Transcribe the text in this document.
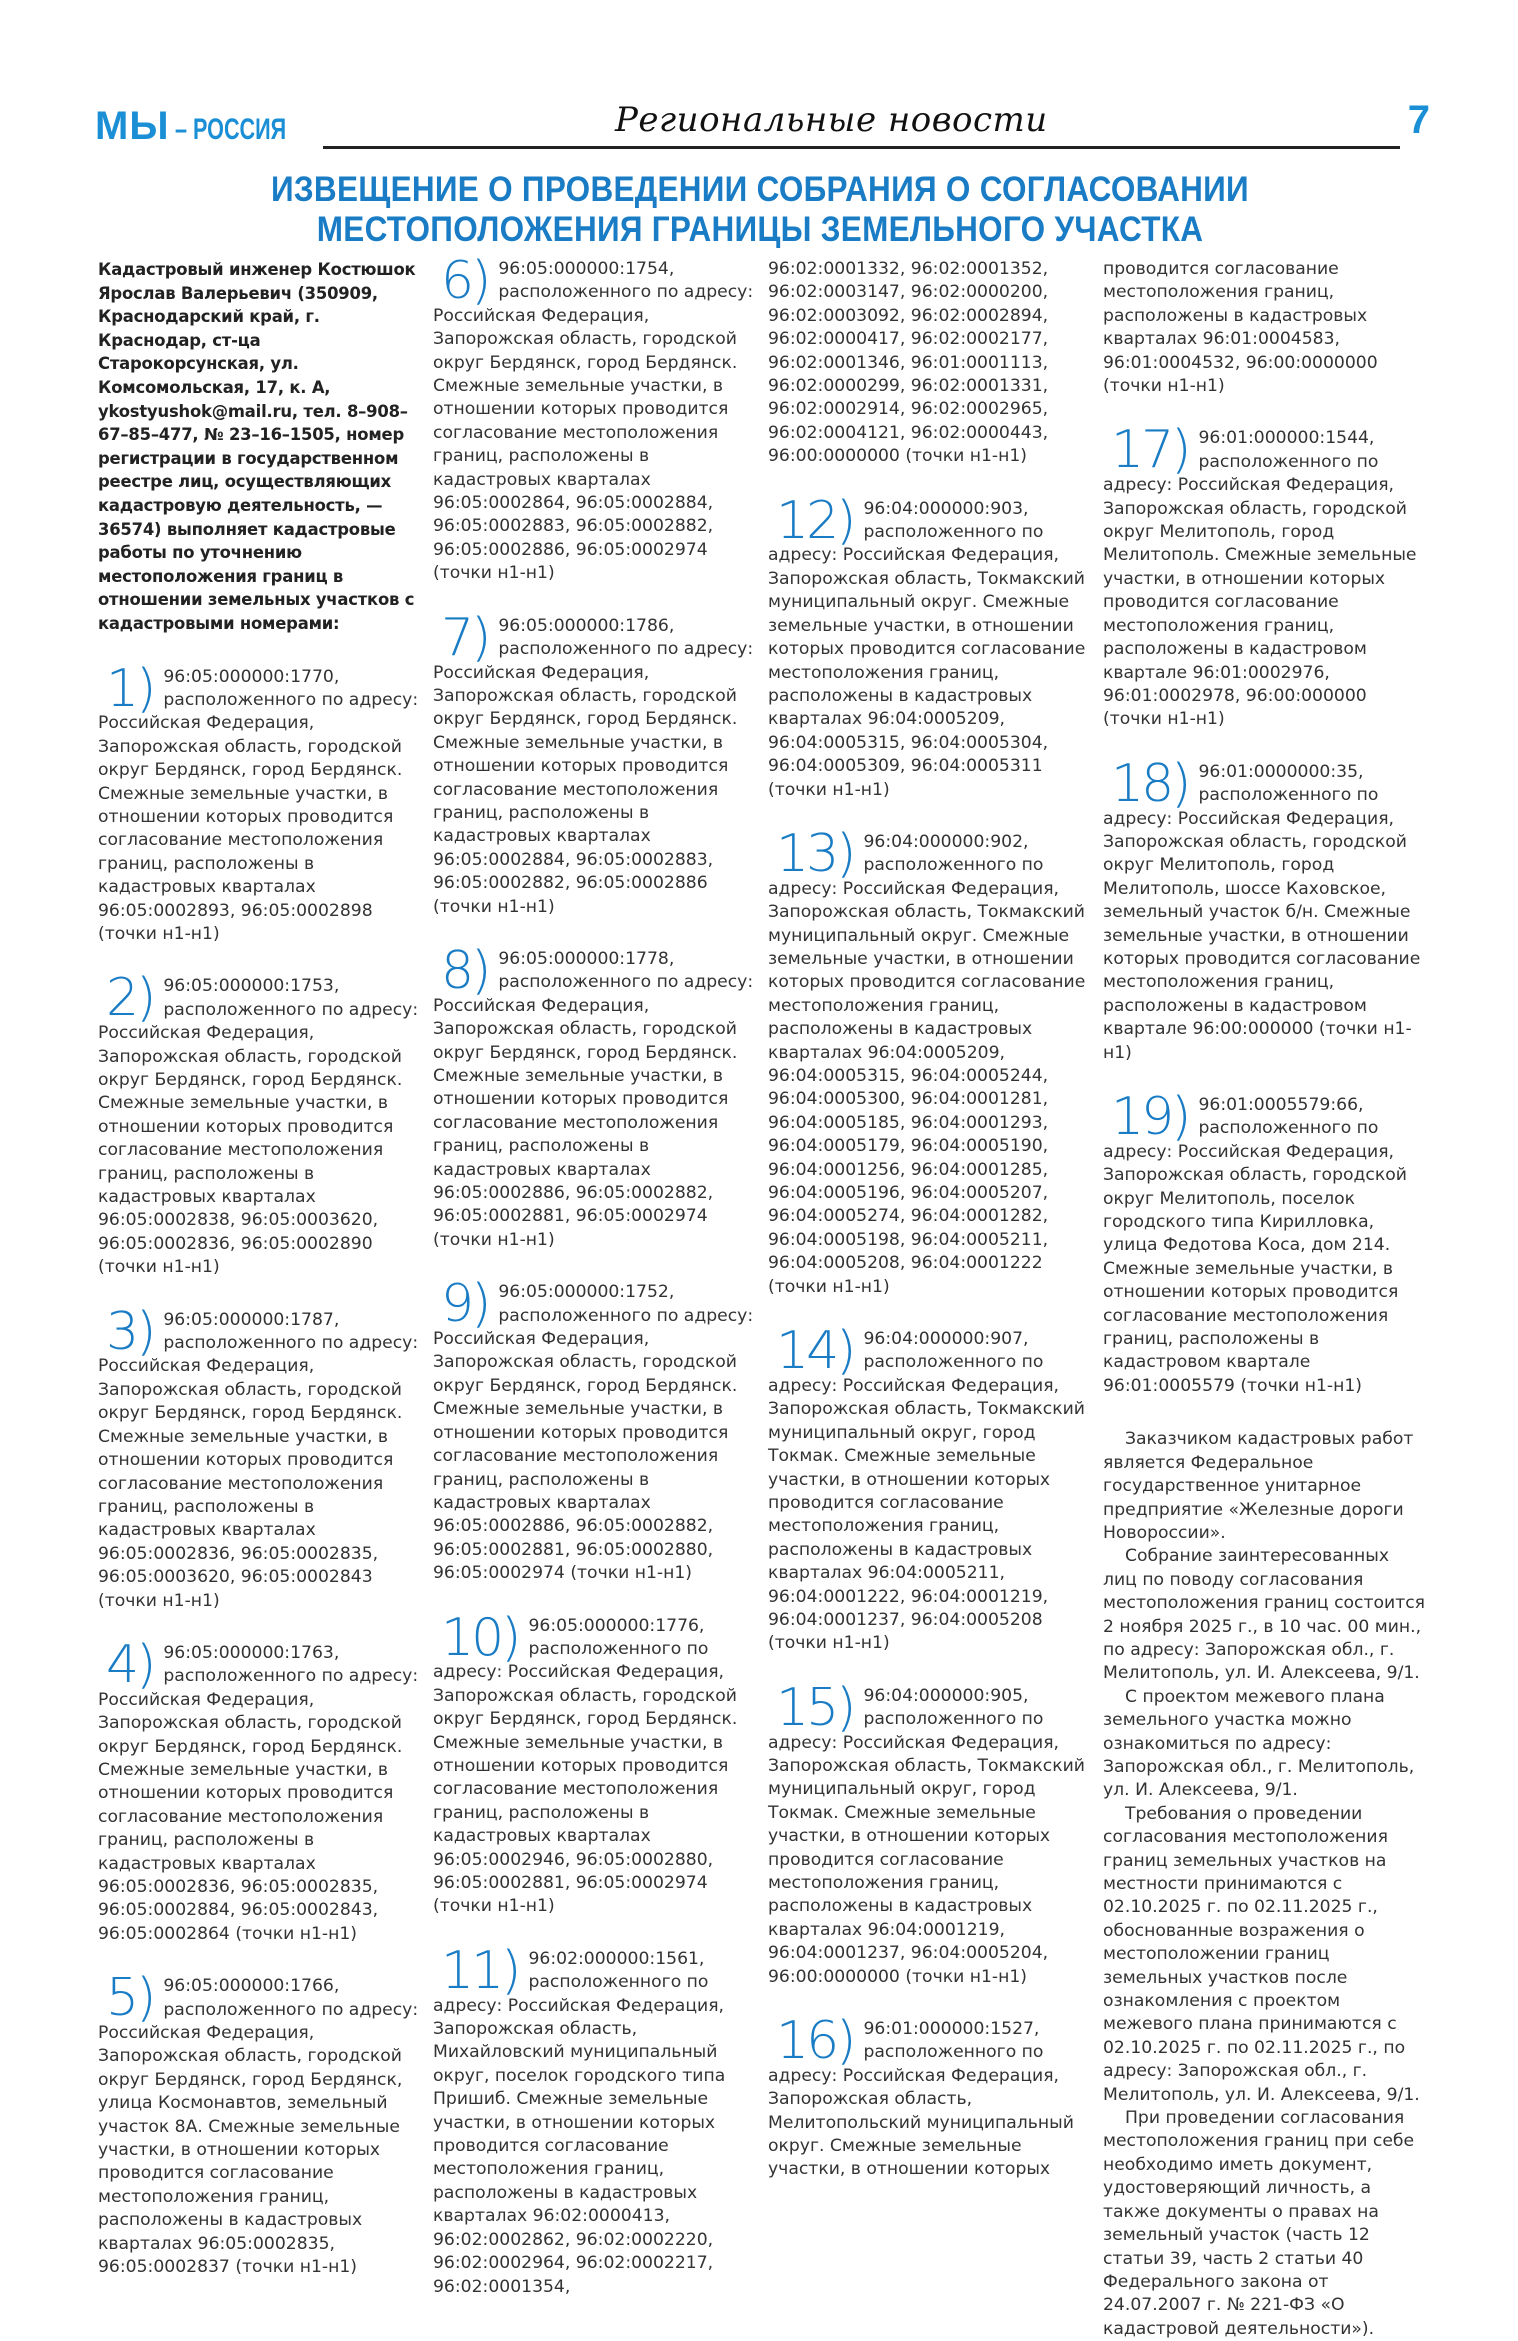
МЫ – РОССИЯ	Региональные новости	7
ИЗВЕЩЕНИЕ О ПРОВЕДЕНИИ СОБРАНИЯ О СОГЛАСОВАНИИ
МЕСТОПОЛОЖЕНИЯ ГРАНИЦЫ ЗЕМЕЛЬНОГО УЧАСТКА

Кадастровый инженер Костюшок Ярослав Валерьевич (350909, Краснодарский край, г. Краснодар, ст-ца Старокорсунская, ул. Комсомольская, 17, к. А, ykostyushok@mail.ru, тел. 8–908–67–85–477, № 23–16–1505, номер регистрации в государственном реестре лиц, осуществляющих кадастровую деятельность, — 36574) выполняет кадастровые работы по уточнению местоположения границ в отношении земельных участков с кадастровыми номерами:

1) 96:05:000000:1770, расположенного по адресу: Российская Федерация, Запорожская область, городской округ Бердянск, город Бердянск. Смежные земельные участки, в отношении которых проводится согласование местоположения границ, расположены в кадастровых кварталах 96:05:0002893, 96:05:0002898 (точки н1-н1)
2) 96:05:000000:1753, расположенного по адресу: Российская Федерация, Запорожская область, городской округ Бердянск, город Бердянск. Смежные земельные участки, в отношении которых проводится согласование местоположения границ, расположены в кадастровых кварталах 96:05:0002838, 96:05:0003620, 96:05:0002836, 96:05:0002890 (точки н1-н1)
3) 96:05:000000:1787, расположенного по адресу: Российская Федерация, Запорожская область, городской округ Бердянск, город Бердянск. Смежные земельные участки, в отношении которых проводится согласование местоположения границ, расположены в кадастровых кварталах 96:05:0002836, 96:05:0002835, 96:05:0003620, 96:05:0002843 (точки н1-н1)
4) 96:05:000000:1763, расположенного по адресу: Российская Федерация, Запорожская область, городской округ Бердянск, город Бердянск. Смежные земельные участки, в отношении которых проводится согласование местоположения границ, расположены в кадастровых кварталах 96:05:0002836, 96:05:0002835, 96:05:0002884, 96:05:0002843, 96:05:0002864 (точки н1-н1)
5) 96:05:000000:1766, расположенного по адресу: Российская Федерация, Запорожская область, городской округ Бердянск, город Бердянск, улица Космонавтов, земельный участок 8А. Смежные земельные участки, в отношении которых проводится согласование местоположения границ, расположены в кадастровых кварталах 96:05:0002835, 96:05:0002837 (точки н1-н1)
6) 96:05:000000:1754, расположенного по адресу: Российская Федерация, Запорожская область, городской округ Бердянск, город Бердянск. Смежные земельные участки, в отношении которых проводится согласование местоположения границ, расположены в кадастровых кварталах 96:05:0002864, 96:05:0002884, 96:05:0002883, 96:05:0002882, 96:05:0002886, 96:05:0002974 (точки н1-н1)
7) 96:05:000000:1786, расположенного по адресу: Российская Федерация, Запорожская область, городской округ Бердянск, город Бердянск. Смежные земельные участки, в отношении которых проводится согласование местоположения границ, расположены в кадастровых кварталах 96:05:0002884, 96:05:0002883, 96:05:0002882, 96:05:0002886 (точки н1-н1)
8) 96:05:000000:1778, расположенного по адресу: Российская Федерация, Запорожская область, городской округ Бердянск, город Бердянск. Смежные земельные участки, в отношении которых проводится согласование местоположения границ, расположены в кадастровых кварталах 96:05:0002886, 96:05:0002882, 96:05:0002881, 96:05:0002974 (точки н1-н1)
9) 96:05:000000:1752, расположенного по адресу: Российская Федерация, Запорожская область, городской округ Бердянск, город Бердянск. Смежные земельные участки, в отношении которых проводится согласование местоположения границ, расположены в кадастровых кварталах 96:05:0002886, 96:05:0002882, 96:05:0002881, 96:05:0002880, 96:05:0002974 (точки н1-н1)
10) 96:05:000000:1776, расположенного по адресу: Российская Федерация, Запорожская область, городской округ Бердянск, город Бердянск. Смежные земельные участки, в отношении которых проводится согласование местоположения границ, расположены в кадастровых кварталах 96:05:0002946, 96:05:0002880, 96:05:0002881, 96:05:0002974 (точки н1-н1)
11) 96:02:000000:1561, расположенного по адресу: Российская Федерация, Запорожская область, Михайловский муниципальный округ, поселок городского типа Пришиб. Смежные земельные участки, в отношении которых проводится согласование местоположения границ, расположены в кадастровых кварталах 96:02:0000413, 96:02:0002862, 96:02:0002220, 96:02:0002964, 96:02:0002217, 96:02:0001354,
96:02:0001332, 96:02:0001352, 96:02:0003147, 96:02:0000200, 96:02:0003092, 96:02:0002894, 96:02:0000417, 96:02:0002177, 96:02:0001346, 96:01:0001113, 96:02:0000299, 96:02:0001331, 96:02:0002914, 96:02:0002965, 96:02:0004121, 96:02:0000443, 96:00:0000000 (точки н1-н1)
12) 96:04:000000:903, расположенного по адресу: Российская Федерация, Запорожская область, Токмакский муниципальный округ. Смежные земельные участки, в отношении которых проводится согласование местоположения границ, расположены в кадастровых кварталах 96:04:0005209, 96:04:0005315, 96:04:0005304, 96:04:0005309, 96:04:0005311 (точки н1-н1)
13) 96:04:000000:902, расположенного по адресу: Российская Федерация, Запорожская область, Токмакский муниципальный округ. Смежные земельные участки, в отношении которых проводится согласование местоположения границ, расположены в кадастровых кварталах 96:04:0005209, 96:04:0005315, 96:04:0005244, 96:04:0005300, 96:04:0001281, 96:04:0005185, 96:04:0001293, 96:04:0005179, 96:04:0005190, 96:04:0001256, 96:04:0001285, 96:04:0005196, 96:04:0005207, 96:04:0005274, 96:04:0001282, 96:04:0005198, 96:04:0005211, 96:04:0005208, 96:04:0001222 (точки н1-н1)
14) 96:04:000000:907, расположенного по адресу: Российская Федерация, Запорожская область, Токмакский муниципальный округ, город Токмак. Смежные земельные участки, в отношении которых проводится согласование местоположения границ, расположены в кадастровых кварталах 96:04:0005211, 96:04:0001222, 96:04:0001219, 96:04:0001237, 96:04:0005208 (точки н1-н1)
15) 96:04:000000:905, расположенного по адресу: Российская Федерация, Запорожская область, Токмакский муниципальный округ, город Токмак. Смежные земельные участки, в отношении которых проводится согласование местоположения границ, расположены в кадастровых кварталах 96:04:0001219, 96:04:0001237, 96:04:0005204, 96:00:0000000 (точки н1-н1)
16) 96:01:000000:1527, расположенного по адресу: Российская Федерация, Запорожская область, Мелитопольский муниципальный округ. Смежные земельные участки, в отношении которых
проводится согласование местоположения границ, расположены в кадастровых кварталах 96:01:0004583, 96:01:0004532, 96:00:0000000 (точки н1-н1)
17) 96:01:000000:1544, расположенного по адресу: Российская Федерация, Запорожская область, городской округ Мелитополь, город Мелитополь. Смежные земельные участки, в отношении которых проводится согласование местоположения границ, расположены в кадастровом квартале 96:01:0002976, 96:01:0002978, 96:00:000000 (точки н1-н1)
18) 96:01:0000000:35, расположенного по адресу: Российская Федерация, Запорожская область, городской округ Мелитополь, город Мелитополь, шоссе Каховское, земельный участок б/н. Смежные земельные участки, в отношении которых проводится согласование местоположения границ, расположены в кадастровом квартале 96:00:000000 (точки н1-н1)
19) 96:01:0005579:66, расположенного по адресу: Российская Федерация, Запорожская область, городской округ Мелитополь, поселок городского типа Кирилловка, улица Федотова Коса, дом 214. Смежные земельные участки, в отношении которых проводится согласование местоположения границ, расположены в кадастровом квартале 96:01:0005579 (точки н1-н1)

Заказчиком кадастровых работ является Федеральное государственное унитарное предприятие «Железные дороги Новороссии».

Собрание заинтересованных лиц по поводу согласования местоположения границ состоится 2 ноября 2025 г., в 10 час. 00 мин., по адресу: Запорожская обл., г. Мелитополь, ул. И. Алексеева, 9/1.

С проектом межевого плана земельного участка можно ознакомиться по адресу: Запорожская обл., г. Мелитополь, ул. И. Алексеева, 9/1.

Требования о проведении согласования местоположения границ земельных участков на местности принимаются с 02.10.2025 г. по 02.11.2025 г., обоснованные возражения о местоположении границ земельных участков после ознакомления с проектом межевого плана принимаются с 02.10.2025 г. по 02.11.2025 г., по адресу: Запорожская обл., г. Мелитополь, ул. И. Алексеева, 9/1.

При проведении согласования местоположения границ при себе необходимо иметь документ, удостоверяющий личность, а также документы о правах на земельный участок (часть 12 статьи 39, часть 2 статьи 40 Федерального закона от 24.07.2007 г. № 221-ФЗ «О кадастровой деятельности»).
